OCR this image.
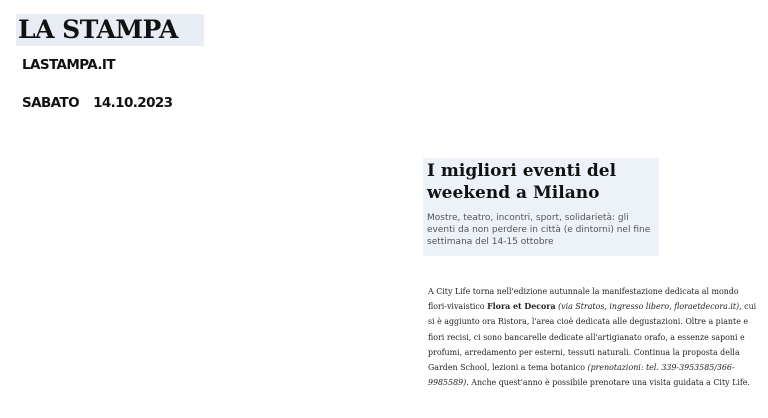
LA STAMPA
LASTAMPA.IT
SABATO 14.10.2023
I migliori eventi del weekend a Milano

Mostre, teatro, incontri, sport, solidarietà: gli eventi da non perdere in città (e dintorni) nel fine settimana del 14-15 ottobre

A City Life torna nell'edizione autunnale la manifestazione dedicata al mondo flori-vivaistico Flora et Decora (via Stratos, ingresso libero, floraetdecora.it), cui si è aggiunto ora Ristora, l'area cioè dedicata alle degustazioni. Oltre a piante e fiori recisi, ci sono bancarelle dedicate all'artigianato orafo, a essenze saponi e profumi, arredamento per esterni, tessuti naturali. Continua la proposta della Garden School, lezioni a tema botanico (prenotazioni: tel. 339-3953585/366-9985589). Anche quest'anno è possibile prenotare una visita guidata a City Life.
